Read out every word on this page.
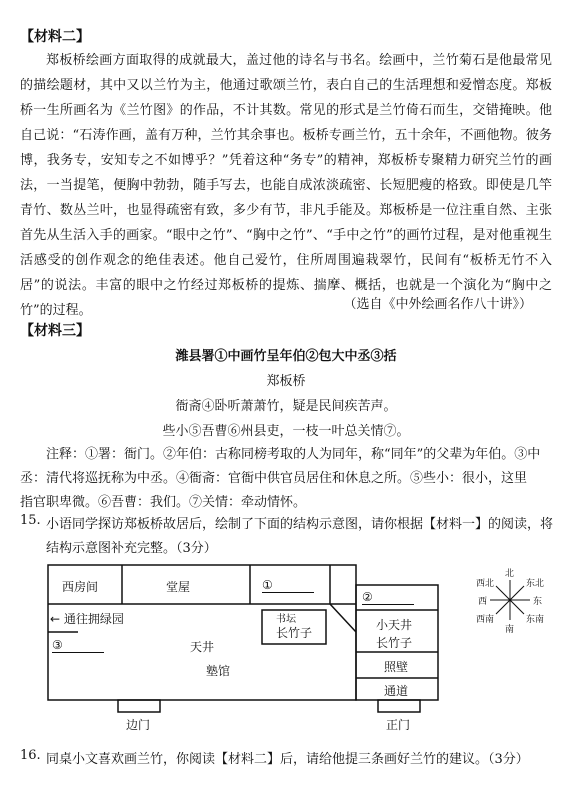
【材料二】
郑板桥绘画方面取得的成就最大，盖过他的诗名与书名。绘画中，兰竹菊石是他最常见的描绘题材，其中又以兰竹为主，他通过歌颂兰竹，表白自己的生活理想和爱憎态度。郑板桥一生所画名为《兰竹图》的作品，不计其数。常见的形式是兰竹倚石而生，交错掩映。他自己说：“石涛作画，盖有万种，兰竹其余事也。板桥专画兰竹，五十余年，不画他物。彼务博，我务专，安知专之不如博乎？”凭着这种“务专”的精神，郑板桥专聚精力研究兰竹的画法，一当提笔，便胸中勃勃，随手写去，也能自成浓淡疏密、长短肥瘦的格致。即使是几竿青竹、数丛兰叶，也显得疏密有致，多少有节，非凡手能及。郑板桥是一位注重自然、主张首先从生活入手的画家。“眼中之竹”、“胸中之竹”、“手中之竹”的画竹过程，是对他重视生活感受的创作观念的绝佳表述。他自己爱竹，住所周围遍栽翠竹，民间有“板桥无竹不入居”的说法。丰富的眼中之竹经过郑板桥的提炼、揣摩、概括，也就是一个演化为“胸中之竹”的过程。	（选自《中外绘画名作八十讲》）
【材料三】
潍县署①中画竹呈年伯②包大中丞③括
郑板桥
衙斋④卧听萧萧竹，疑是民间疾苦声。
些小⑤吾曹⑥州县吏，一枝一叶总关情⑦。
注释：①署：衙门。②年伯：古称同榜考取的人为同年，称“同年”的父辈为年伯。③中
丞：清代将巡抚称为中丞。④衙斋：官衙中供官员居住和休息之所。⑤些小：很小，这里
指官职卑微。⑥吾曹：我们。⑦关情：牵动情怀。
15. 小语同学探访郑板桥故居后，绘制了下面的结构示意图，请你根据【材料一】的阅读，将
结构示意图补充完整。（3分）
西房间	堂屋	①
②
← 通往拥绿园
③	天井
书坛
长竹子
小天井
长竹子
塾馆	照壁
通道
边门	正门
北
东北
东
东南
南
西南
西
西北
16. 同桌小文喜欢画兰竹，你阅读【材料二】后，请给他提三条画好兰竹的建议。（3分）
